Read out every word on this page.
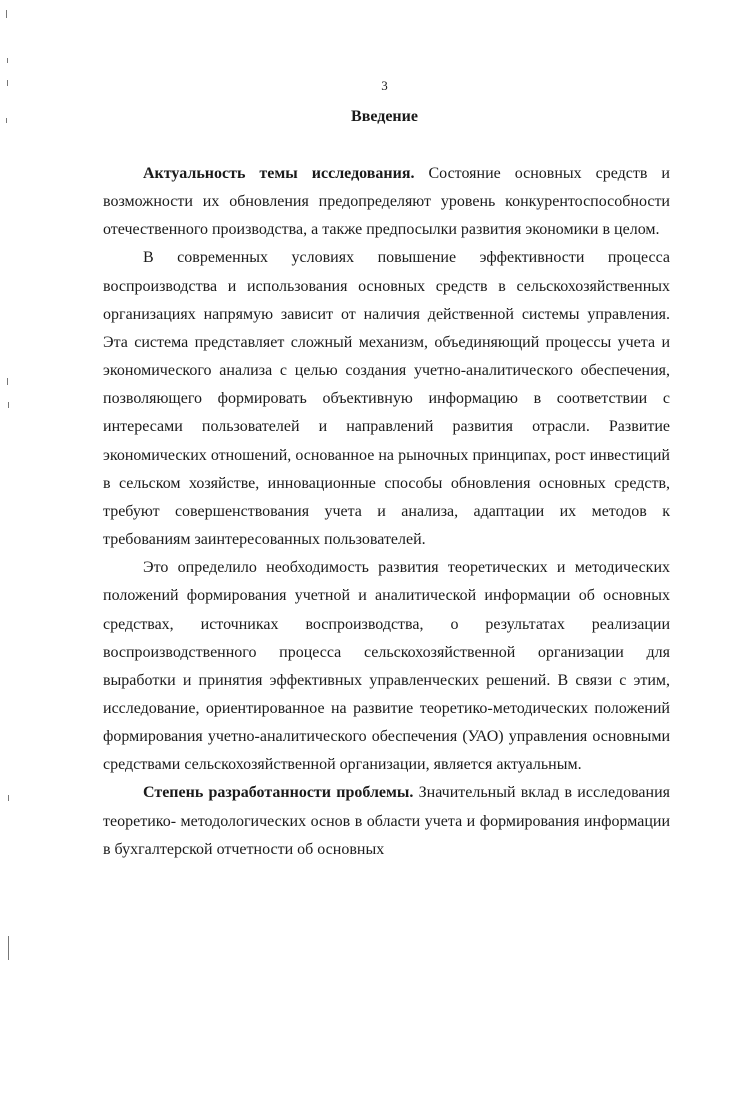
3
Введение

Актуальность темы исследования. Состояние основных средств и возможности их обновления предопределяют уровень конкурентоспособности отечественного производства, а также предпосылки развития экономики в целом.

В современных условиях повышение эффективности процесса воспроизводства и использования основных средств в сельскохозяйственных организациях напрямую зависит от наличия действенной системы управления. Эта система представляет сложный механизм, объединяющий процессы учета и экономического анализа с целью создания учетно-аналитического обеспечения, позволяющего формировать объективную информацию в соответствии с интересами пользователей и направлений развития отрасли. Развитие экономических отношений, основанное на рыночных принципах, рост инвестиций в сельском хозяйстве, инновационные способы обновления основных средств, требуют совершенствования учета и анализа, адаптации их методов к требованиям заинтересованных пользователей.

Это определило необходимость развития теоретических и методических положений формирования учетной и аналитической информации об основных средствах, источниках воспроизводства, о результатах реализации воспроизводственного процесса сельскохозяйственной организации для выработки и принятия эффективных управленческих решений. В связи с этим, исследование, ориентированное на развитие теоретико-методических положений формирования учетно-аналитического обеспечения (УАО) управления основными средствами сельскохозяйственной организации, является актуальным.

Степень разработанности проблемы. Значительный вклад в исследования теоретико- методологических основ в области учета и формирования информации в бухгалтерской отчетности об основных
